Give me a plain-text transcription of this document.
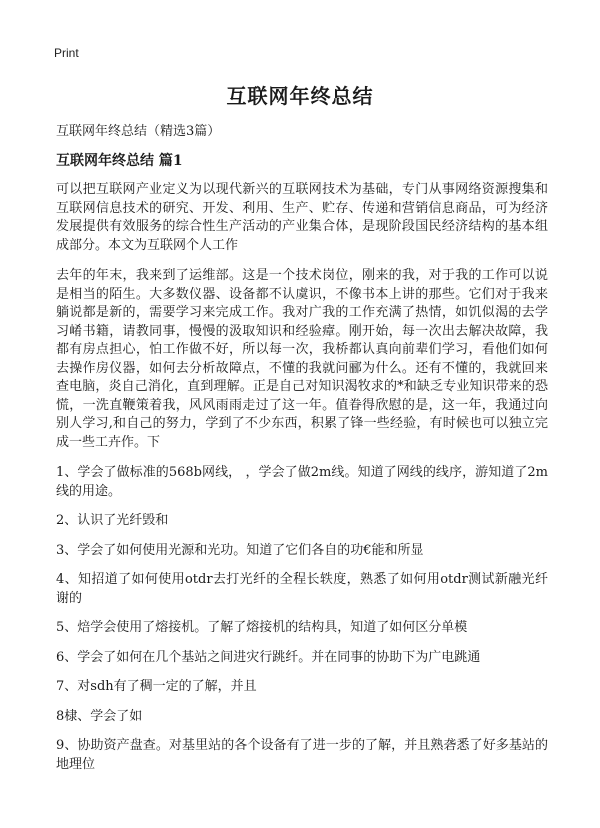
Print
互联网年终总结
互联网年终总结（精选3篇）
互联网年终总结 篇1

可以把互联网产业定义为以现代新兴的互联网技术为基础，专门从事网络资源搜集和互联网信息技术的研究、开发、利用、生产、贮存、传递和营销信息商品，可为经济发展提供有效服务的综合性生产活动的产业集合体，是现阶段国民经济结构的基本组成部分。本文为互联网个人工作

去年的年末，我来到了运维部。这是一个技术岗位，刚来的我，对于我的工作可以说是相当的陌生。大多数仪器、设备都不认虞识，不像书本上讲的那些。它们对于我来躺说都是新的，需要学习来完成工作。我对广我的工作充满了热情，如饥似渴的去学习崤书籍，请教同事，慢慢的汲取知识和经验瘴。刚开始，每一次出去解决故障，我都有房点担心，怕工作做不好，所以每一次，我桥都认真向前辈们学习，看他们如何去操作房仪器，如何去分析故障点，不懂的我就问郦为什么。还有不懂的，我就回来查电脑，炎自己消化，直到理解。正是自己对知识渴牧求的*和缺乏专业知识带来的恐慌，一洗直鞭策着我，风风雨雨走过了这一年。值眷得欣慰的是，这一年，我通过向别人学习,和自己的努力，学到了不少东西，积累了锋一些经验，有时候也可以独立完成一些工卉作。下

1、学会了做标准的568b网线， ，学会了做2m线。知道了网线的线序，游知道了2m线的用途。

2、认识了光纤毁和

3、学会了如何使用光源和光功。知道了它们各自的功€能和所显

4、知招道了如何使用otdr去打光纤的全程长轶度，熟悉了如何用otdr测试新融光纤谢的

5、焙学会使用了熔接机。了解了熔接机的结构具，知道了如何区分单模

6、学会了如何在几个基站之间进灾行跳纤。并在同事的协助下为广电跳通

7、对sdh有了稠一定的了解，并且

8棣、学会了如

9、协助资产盘查。对基里站的各个设备有了进一步的了解，并且熟砻悉了好多基站的地理位
